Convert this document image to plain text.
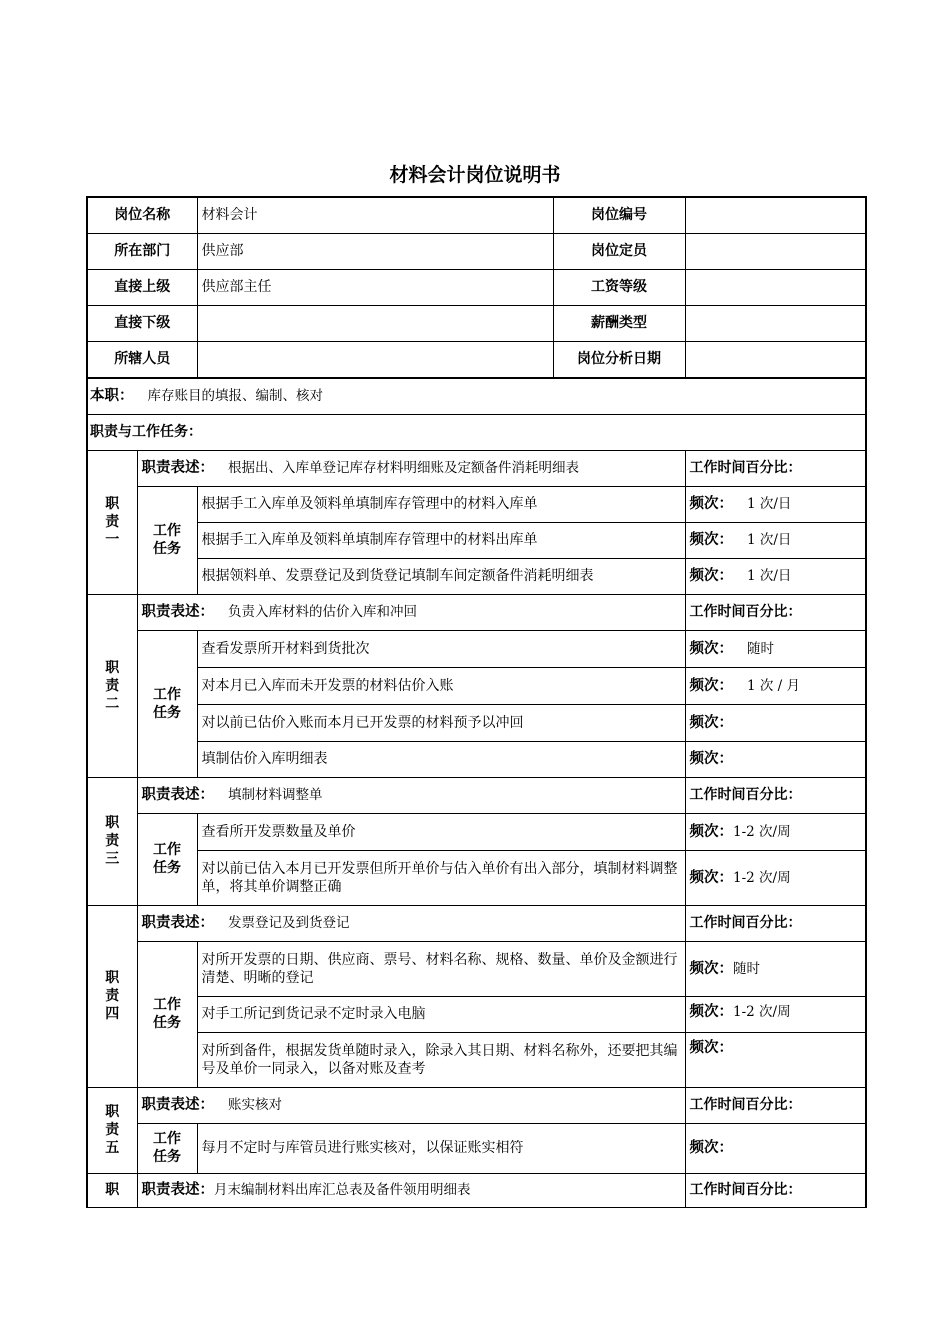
材料会计岗位说明书
岗位名称		材料会计	岗位编号	
所在部门		供应部	岗位定员	
直接上级		供应部主任	工资等级	
直接下级			薪酬类型	
所辖人员			岗位分析日期	
本职： 库存账目的填报、编制、核对				
职责与工作任务：				

职
责
一	职责表述： 根据出、入库单登记库存材料明细账及定额备件消耗明细表			工作时间百分比：

	工作
任务	根据手工入库单及领料单填制库存管理中的材料入库单		频次： 1 次/日
		根据手工入库单及领料单填制库存管理中的材料出库单		频次： 1 次/日
		根据领料单、发票登记及到货登记填制车间定额备件消耗明细表		频次： 1 次/日

职
责
二	职责表述： 负责入库材料的估价入库和冲回			工作时间百分比：

	工作
任务	查看发票所开材料到货批次		频次： 随时
		对本月已入库而未开发票的材料估价入账		频次： 1 次 / 月
		对以前已估价入账而本月已开发票的材料预予以冲回		频次：
		填制估价入库明细表		频次：

职
责
三	职责表述： 填制材料调整单			工作时间百分比：

	工作
任务	查看所开发票数量及单价		频次：1-2 次/周
		对以前已估入本月已开发票但所开单价与估入单价有出入部分，填制材料调整单，将其单价调整正确		频次：1-2 次/周

职
责
四	职责表述： 发票登记及到货登记			工作时间百分比：

	工作
任务	对所开发票的日期、供应商、票号、材料名称、规格、数量、单价及金额进行清楚、明晰的登记		频次：随时
		对手工所记到货记录不定时录入电脑		频次：1-2 次/周
		对所到备件，根据发货单随时录入，除录入其日期、材料名称外，还要把其编号及单价一同录入，以备对账及查考		频次：

职
责
五	职责表述： 账实核对			工作时间百分比：

	工作
任务	每月不定时与库管员进行账实核对，以保证账实相符		频次：

职	职责表述：月末编制材料出库汇总表及备件领用明细表			工作时间百分比：
